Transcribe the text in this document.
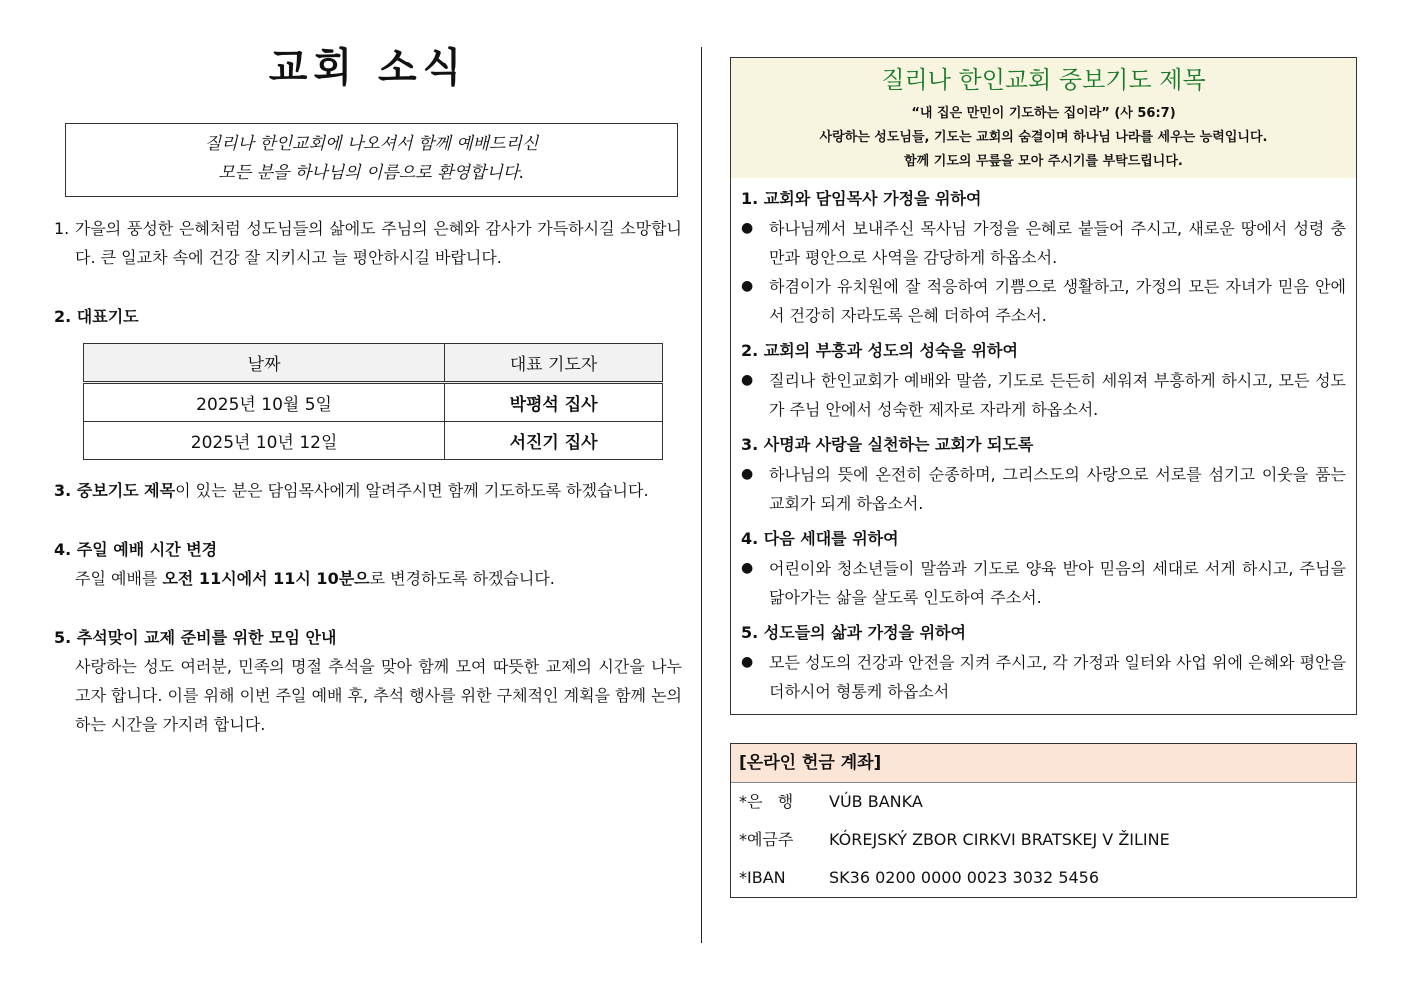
교회 소식
질리나 한인교회에 나오셔서 함께 예배드리신
모든 분을 하나님의 이름으로 환영합니다.
1. 가을의 풍성한 은혜처럼 성도님들의 삶에도 주님의 은혜와 감사가 가득하시길 소망합니다. 큰 일교차 속에 건강 잘 지키시고 늘 평안하시길 바랍니다.
2. 대표기도
날짜	대표 기도자
2025년 10월 5일	박평석 집사
2025년 10년 12일	서진기 집사
3. 중보기도 제목이 있는 분은 담임목사에게 알려주시면 함께 기도하도록 하겠습니다.
4. 주일 예배 시간 변경
주일 예배를 오전 11시에서 11시 10분으로 변경하도록 하겠습니다.
5. 추석맞이 교제 준비를 위한 모임 안내
사랑하는 성도 여러분, 민족의 명절 추석을 맞아 함께 모여 따뜻한 교제의 시간을 나누고자 합니다. 이를 위해 이번 주일 예배 후, 추석 행사를 위한 구체적인 계획을 함께 논의하는 시간을 가지려 합니다.
질리나 한인교회 중보기도 제목
“내 집은 만민이 기도하는 집이라” (사 56:7)
사랑하는 성도님들, 기도는 교회의 숨결이며 하나님 나라를 세우는 능력입니다.
함께 기도의 무릎을 모아 주시기를 부탁드립니다.
1. 교회와 담임목사 가정을 위하여
● 하나님께서 보내주신 목사님 가정을 은혜로 붙들어 주시고, 새로운 땅에서 성령 충만과 평안으로 사역을 감당하게 하옵소서.
● 하겸이가 유치원에 잘 적응하여 기쁨으로 생활하고, 가정의 모든 자녀가 믿음 안에서 건강히 자라도록 은혜 더하여 주소서.
2. 교회의 부흥과 성도의 성숙을 위하여
● 질리나 한인교회가 예배와 말씀, 기도로 든든히 세워져 부흥하게 하시고, 모든 성도가 주님 안에서 성숙한 제자로 자라게 하옵소서.
3. 사명과 사랑을 실천하는 교회가 되도록
● 하나님의 뜻에 온전히 순종하며, 그리스도의 사랑으로 서로를 섬기고 이웃을 품는 교회가 되게 하옵소서.
4. 다음 세대를 위하여
● 어린이와 청소년들이 말씀과 기도로 양육 받아 믿음의 세대로 서게 하시고, 주님을 닮아가는 삶을 살도록 인도하여 주소서.
5. 성도들의 삶과 가정을 위하여
● 모든 성도의 건강과 안전을 지켜 주시고, 각 가정과 일터와 사업 위에 은혜와 평안을 더하시어 형통케 하옵소서
[온라인 헌금 계좌]
*은   행	VÚB BANKA
*예금주	KÓREJSKÝ ZBOR CIRKVI BRATSKEJ V ŽILINE
*IBAN	SK36 0200 0000 0023 3032 5456
